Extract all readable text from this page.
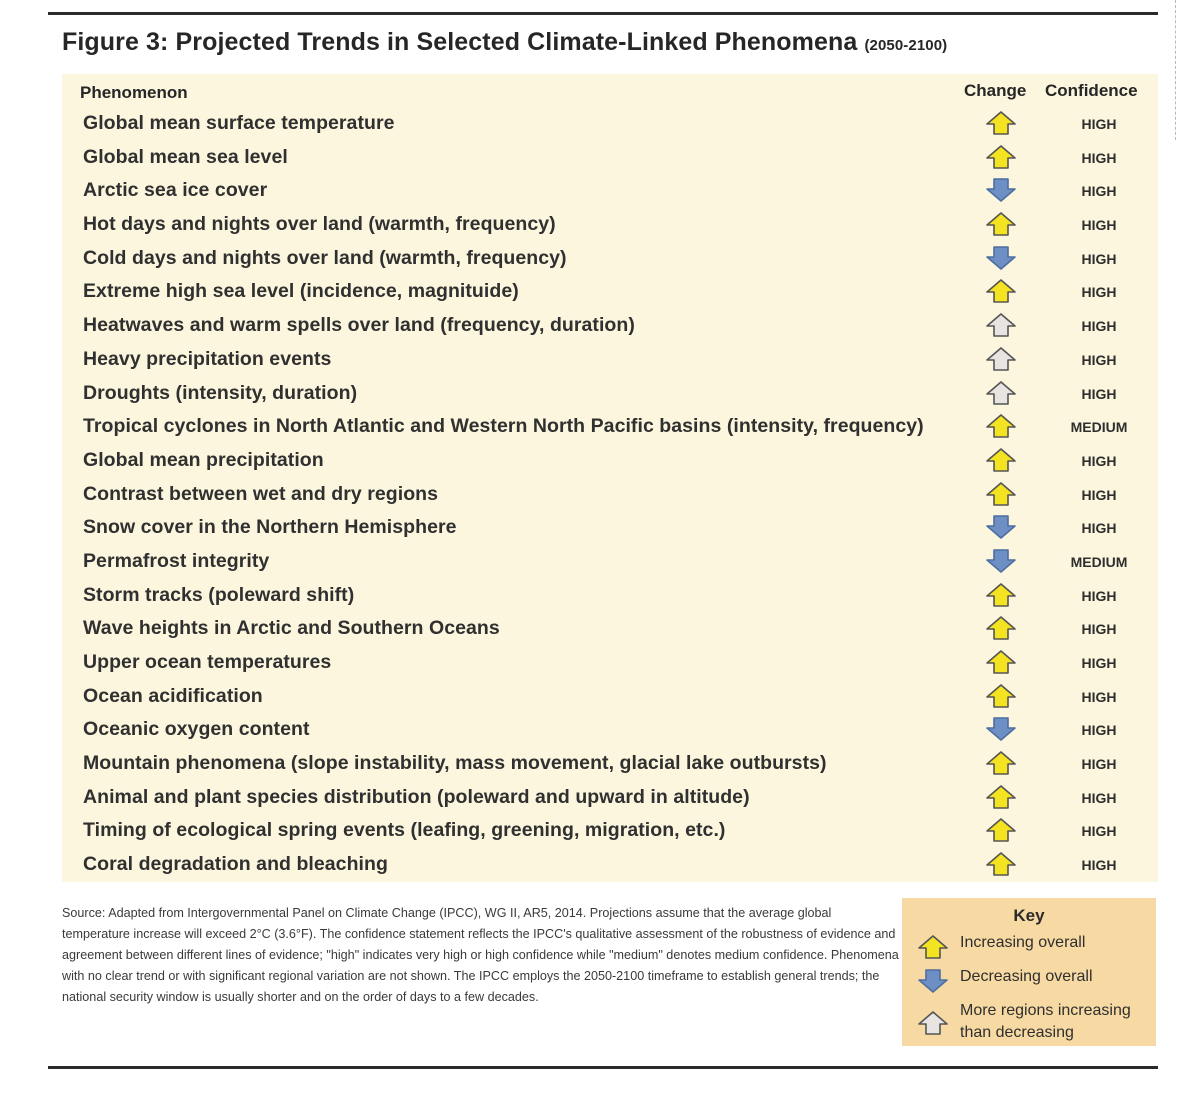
Figure 3: Projected Trends in Selected Climate-Linked Phenomena (2050-2100)
Phenomenon	Change Confidence
Global mean surface temperature	HIGH
Global mean sea level	HIGH
Arctic sea ice cover	HIGH
Hot days and nights over land (warmth, frequency)	HIGH
Cold days and nights over land (warmth, frequency)	HIGH
Extreme high sea level (incidence, magnituide)	HIGH
Heatwaves and warm spells over land (frequency, duration)	HIGH
Heavy precipitation events	HIGH
Droughts (intensity, duration)	HIGH
Tropical cyclones in North Atlantic and Western North Pacific basins (intensity, frequency)	MEDIUM
Global mean precipitation	HIGH
Contrast between wet and dry regions	HIGH
Snow cover in the Northern Hemisphere	HIGH
Permafrost integrity	MEDIUM
Storm tracks (poleward shift)	HIGH
Wave heights in Arctic and Southern Oceans	HIGH
Upper ocean temperatures	HIGH
Ocean acidification	HIGH
Oceanic oxygen content	HIGH
Mountain phenomena (slope instability, mass movement, glacial lake outbursts)	HIGH
Animal and plant species distribution (poleward and upward in altitude)	HIGH
Timing of ecological spring events (leafing, greening, migration, etc.)	HIGH
Coral degradation and bleaching	HIGH
Source: Adapted from Intergovernmental Panel on Climate Change (IPCC), WG II, AR5, 2014. Projections assume that the average global temperature increase will exceed 2°C (3.6°F). The confidence statement reflects the IPCC's qualitative assessment of the robustness of evidence and agreement between different lines of evidence; "high" indicates very high or high confidence while "medium" denotes medium confidence. Phenomena with no clear trend or with significant regional variation are not shown. The IPCC employs the 2050-2100 timeframe to establish general trends; the national security window is usually shorter and on the order of days to a few decades.
Key
Increasing overall
Decreasing overall
More regions increasing than decreasing
